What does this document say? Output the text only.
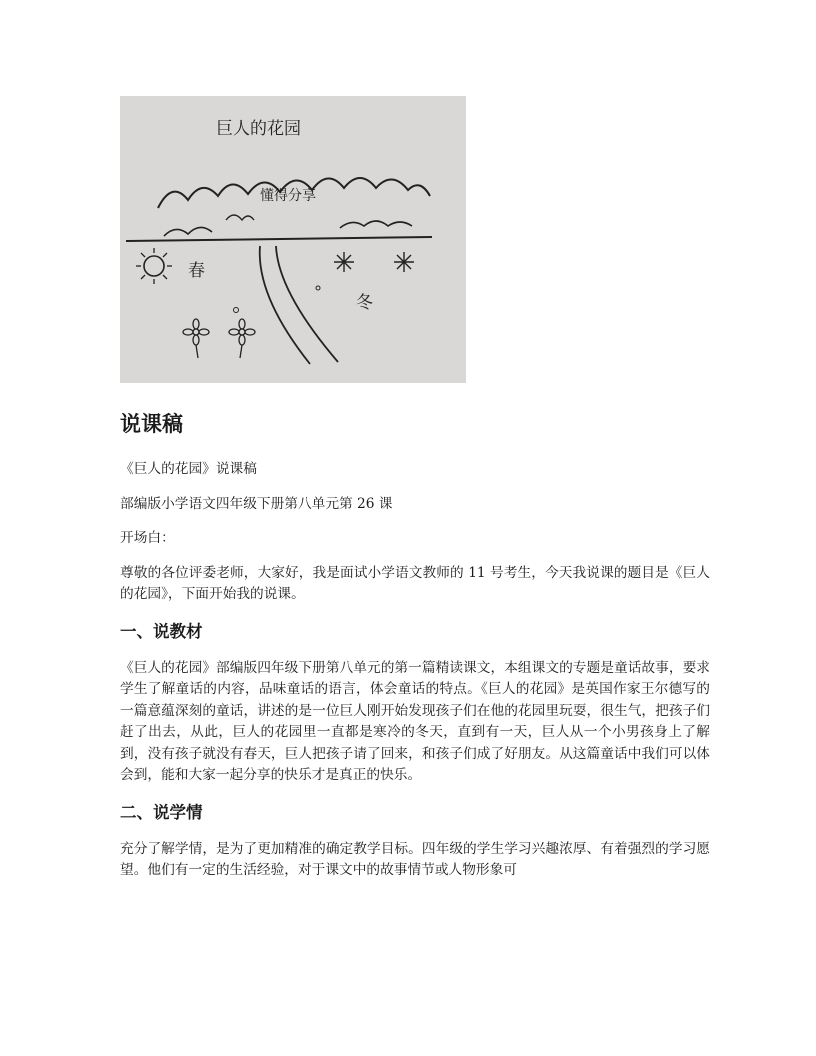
巨人的花园
懂得分享
春
冬
说课稿

《巨人的花园》说课稿

部编版小学语文四年级下册第八单元第 26 课

开场白：

尊敬的各位评委老师，大家好，我是面试小学语文教师的 11 号考生，今天我说课的题目是《巨人的花园》，下面开始我的说课。

一、说教材

《巨人的花园》部编版四年级下册第八单元的第一篇精读课文，本组课文的专题是童话故事，要求学生了解童话的内容，品味童话的语言，体会童话的特点。《巨人的花园》是英国作家王尔德写的一篇意蕴深刻的童话，讲述的是一位巨人刚开始发现孩子们在他的花园里玩耍，很生气，把孩子们赶了出去，从此，巨人的花园里一直都是寒冷的冬天，直到有一天，巨人从一个小男孩身上了解到，没有孩子就没有春天，巨人把孩子请了回来，和孩子们成了好朋友。从这篇童话中我们可以体会到，能和大家一起分享的快乐才是真正的快乐。

二、说学情

充分了解学情，是为了更加精准的确定教学目标。四年级的学生学习兴趣浓厚、有着强烈的学习愿望。他们有一定的生活经验，对于课文中的故事情节或人物形象可
